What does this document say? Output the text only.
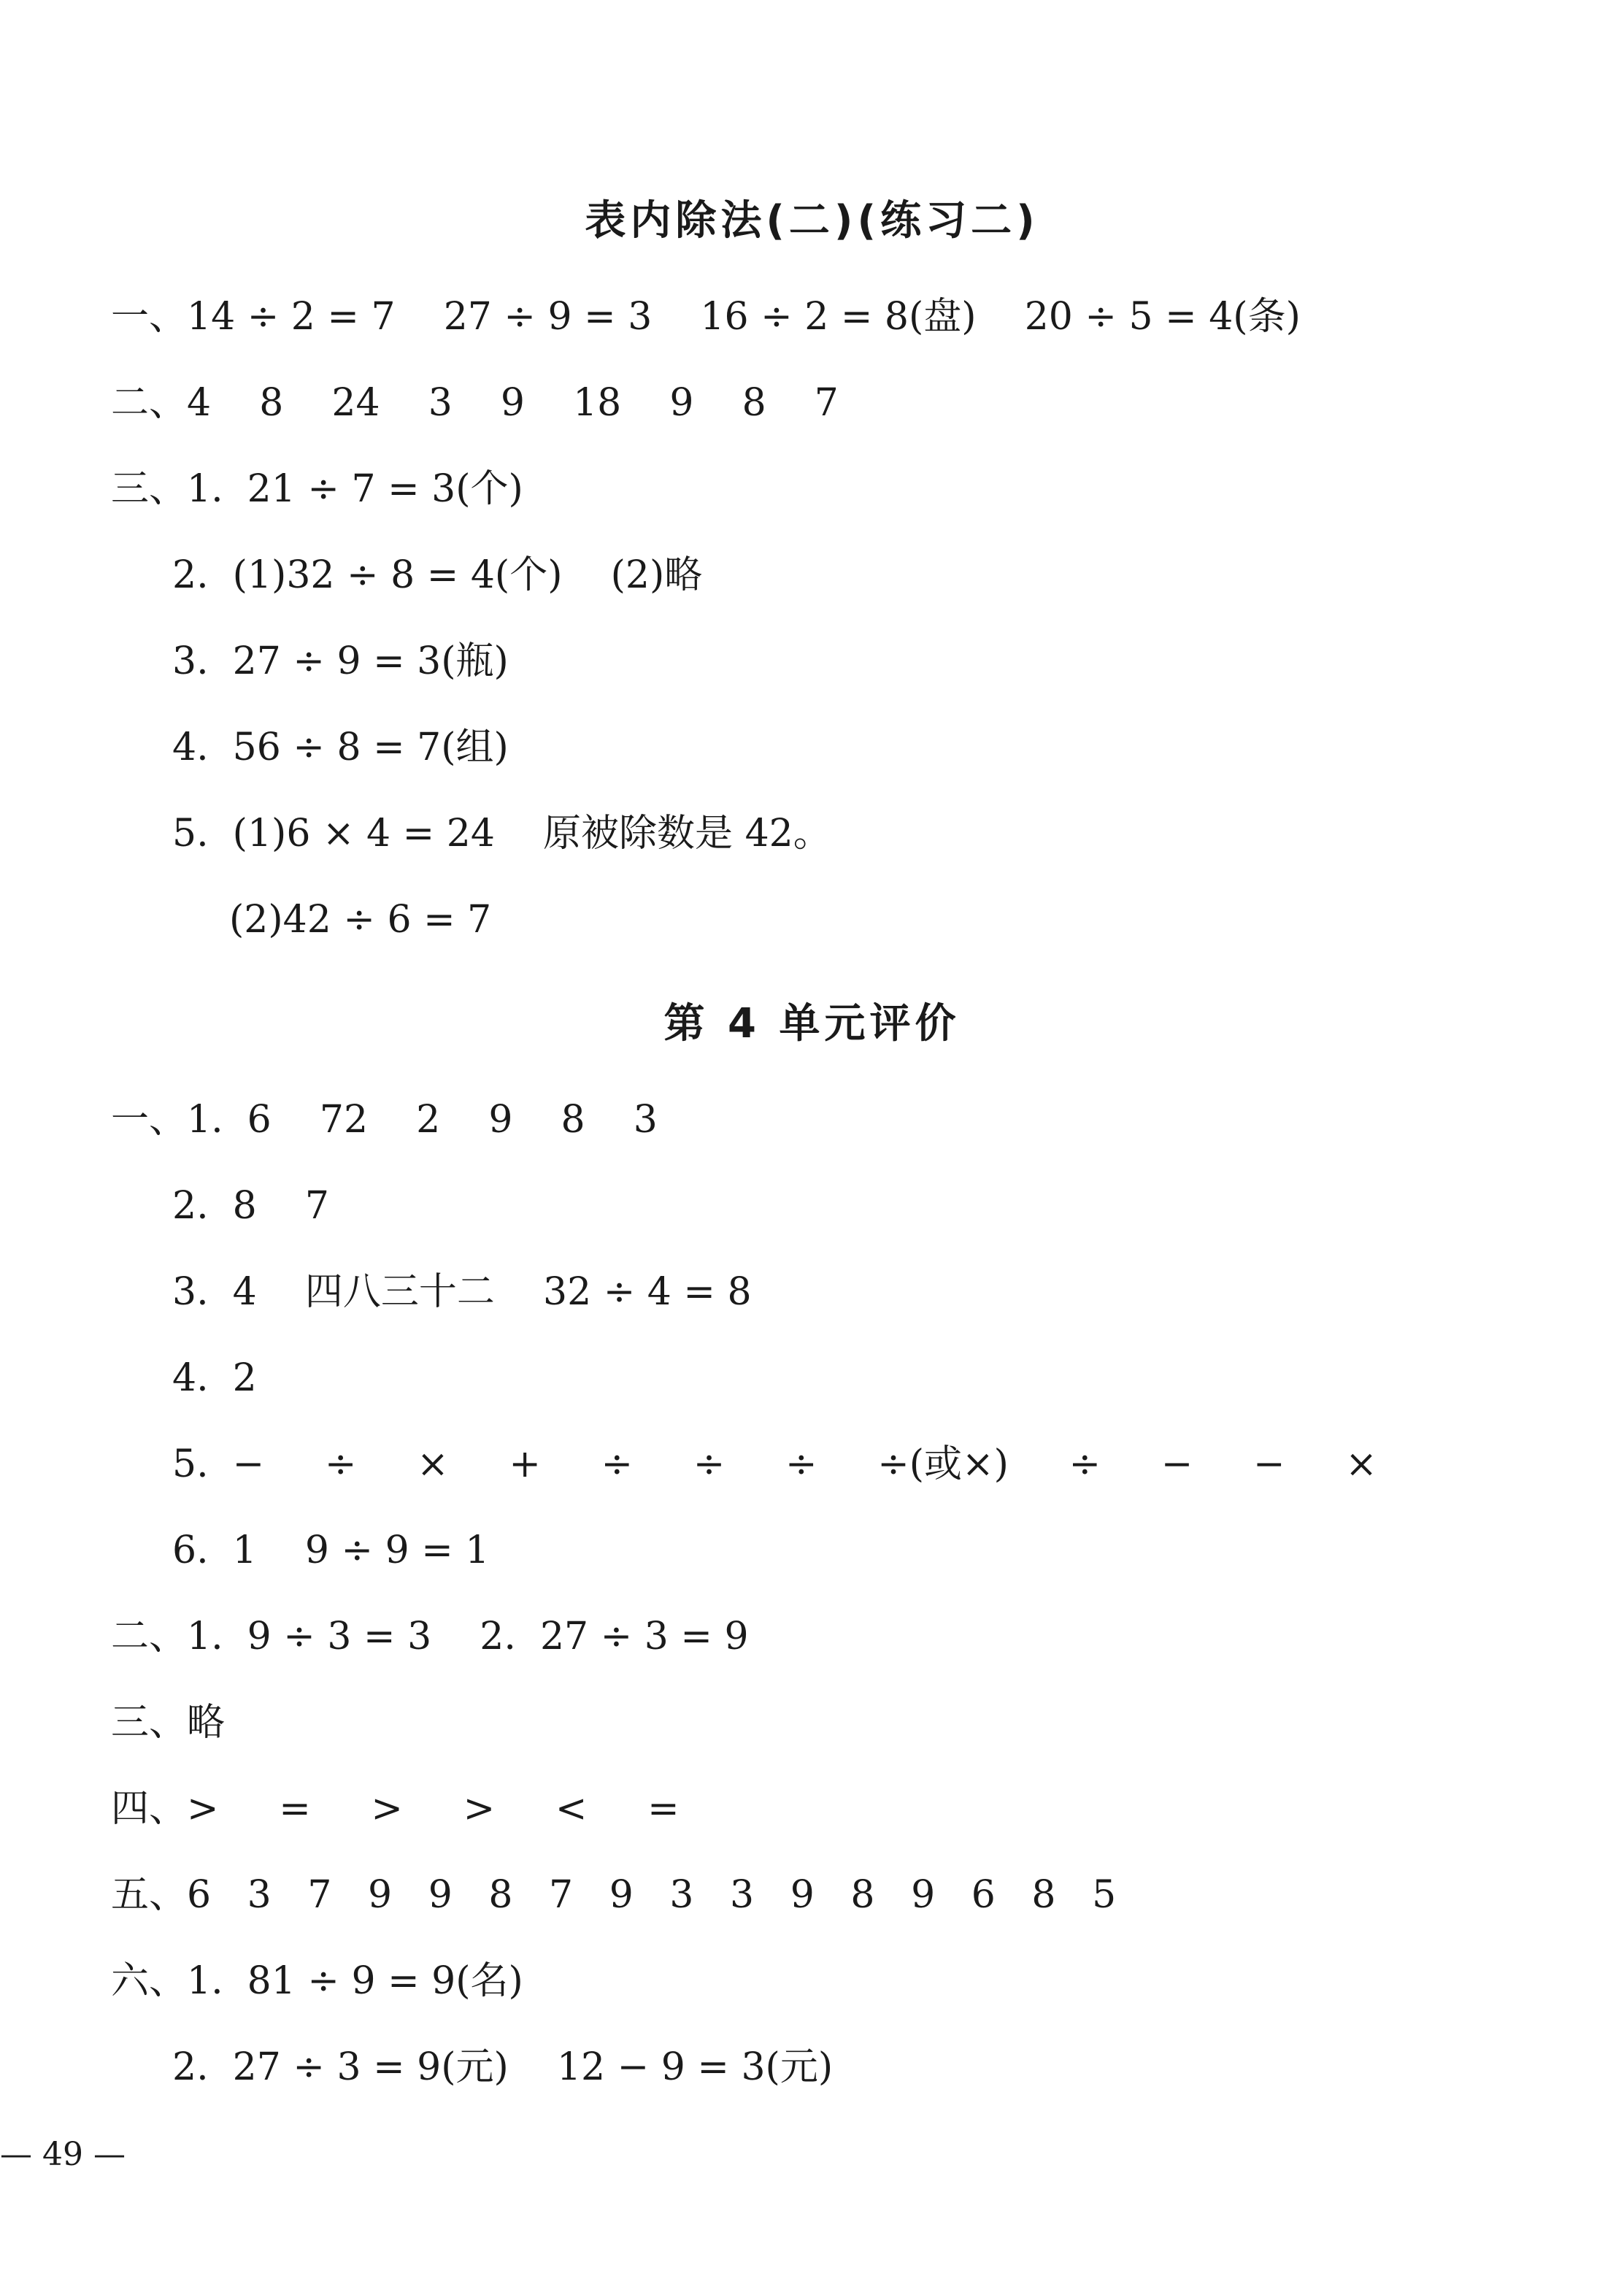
表内除法(二)(练习二)
一、14 ÷ 2 = 7    27 ÷ 9 = 3    16 ÷ 2 = 8(盘)    20 ÷ 5 = 4(条)
二、4    8    24    3    9    18    9    8    7
三、1.  21 ÷ 7 = 3(个)
2.  (1)32 ÷ 8 = 4(个)    (2)略
3.  27 ÷ 9 = 3(瓶)
4.  56 ÷ 8 = 7(组)
5.  (1)6 × 4 = 24    原被除数是 42。
(2)42 ÷ 6 = 7
第 4 单元评价
一、1.  6    72    2    9    8    3
2.  8    7
3.  4    四八三十二    32 ÷ 4 = 8
4.  2
5.  −     ÷     ×     +     ÷     ÷     ÷     ÷(或×)     ÷     −     −     ×
6.  1    9 ÷ 9 = 1
二、1.  9 ÷ 3 = 3    2.  27 ÷ 3 = 9
三、略
四、>     =     >     >     <     =
五、6   3   7   9   9   8   7   9   3   3   9   8   9   6   8   5
六、1.  81 ÷ 9 = 9(名)
2.  27 ÷ 3 = 9(元)    12 − 9 = 3(元)
— 49 —
